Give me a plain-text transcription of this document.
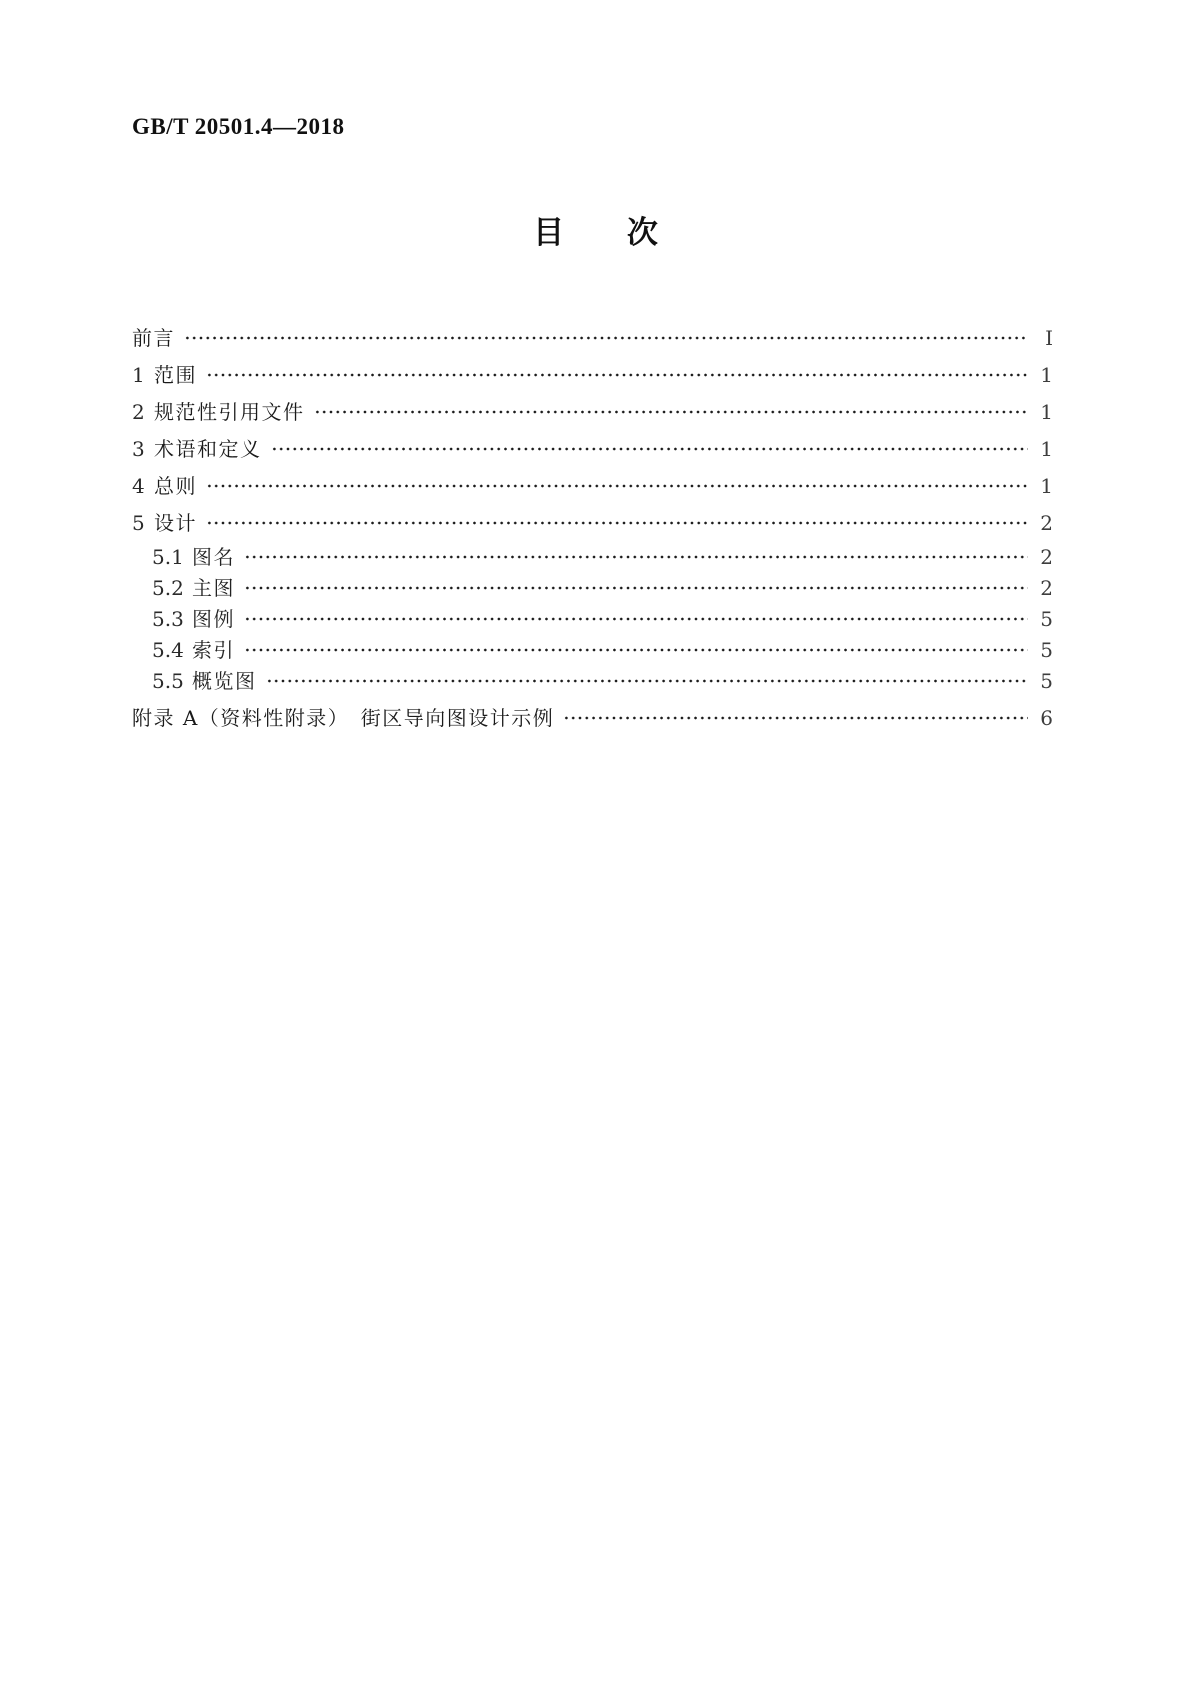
GB/T 20501.4—2018
目 次
前言	Ⅰ
1 范围	1
2 规范性引用文件	1
3 术语和定义	1
4 总则	1
5 设计	2
5.1 图名	2
5.2 主图	2
5.3 图例	5
5.4 索引	5
5.5 概览图	5
附录 A（资料性附录）　街区导向图设计示例	6
